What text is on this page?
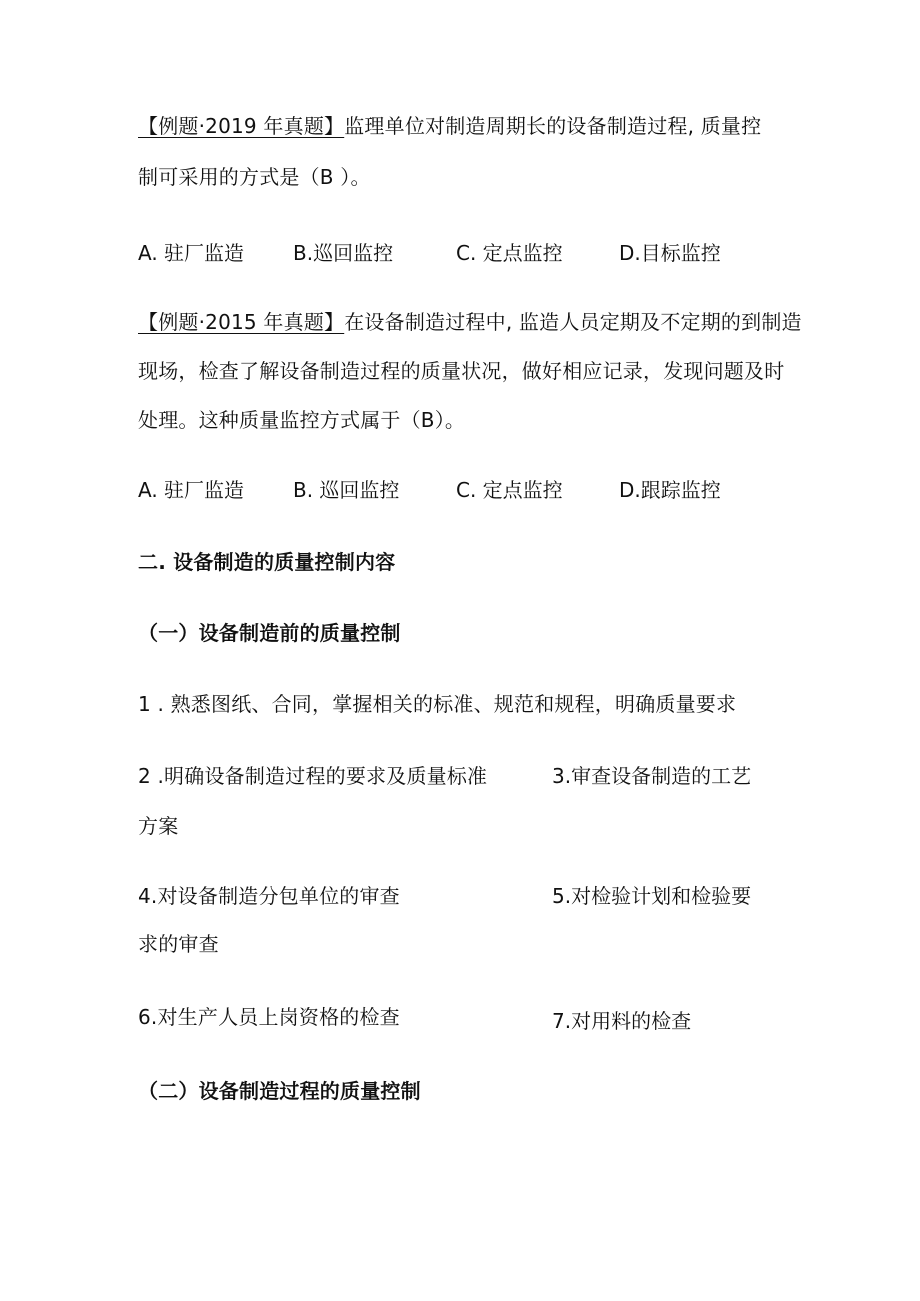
【例题·2019 年真题】监理单位对制造周期长的设备制造过程, 质量控
制可采用的方式是（B ）。
A. 驻厂监造 B.巡回监控	C. 定点监控	D.目标监控
【例题·2015 年真题】在设备制造过程中, 监造人员定期及不定期的到制造
现场，检查了解设备制造过程的质量状况，做好相应记录，发现问题及时
处理。这种质量监控方式属于（B）。
A. 驻厂监造 B. 巡回监控	C. 定点监控	D.跟踪监控
二. 设备制造的质量控制内容
（一）设备制造前的质量控制
1 . 熟悉图纸、合同，掌握相关的标准、规范和规程，明确质量要求
2 .明确设备制造过程的要求及质量标准	3.审查设备制造的工艺
方案
4.对设备制造分包单位的审查	5.对检验计划和检验要
求的审查
6.对生产人员上岗资格的检查	7.对用料的检查
（二）设备制造过程的质量控制
